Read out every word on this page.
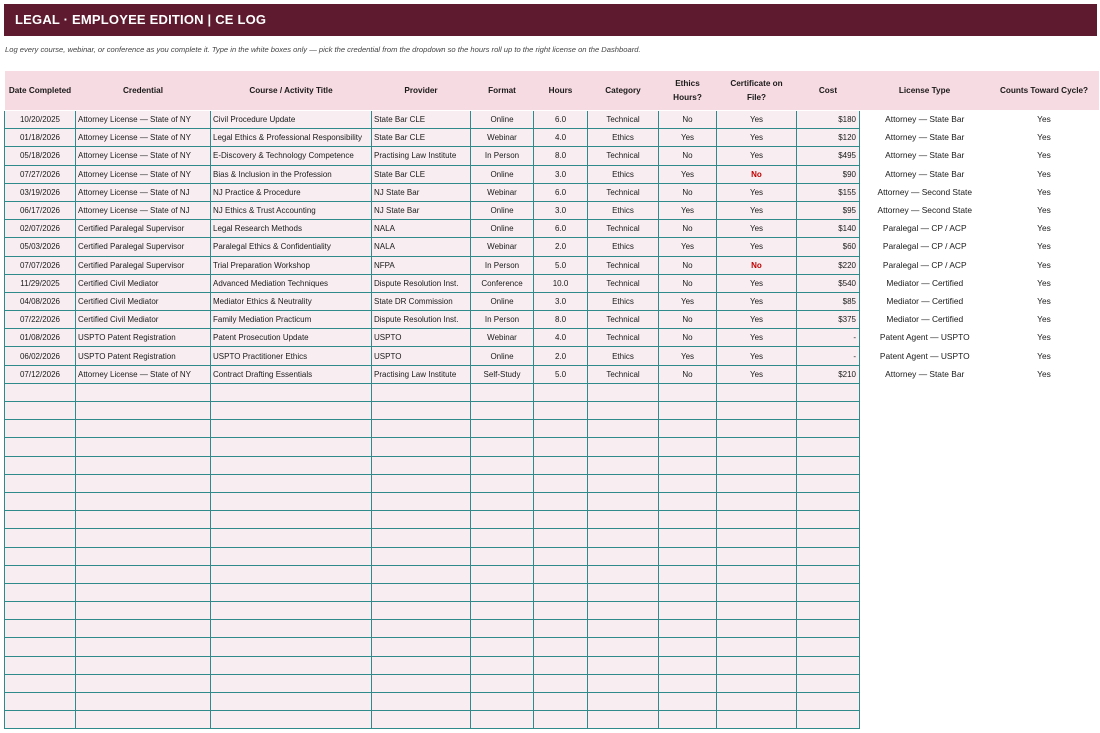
LEGAL · EMPLOYEE EDITION | CE LOG
Log every course, webinar, or conference as you complete it. Type in the white boxes only — pick the credential from the dropdown so the hours roll up to the right license on the Dashboard.
Date Completed	Credential	Course / Activity Title	Provider	Format	Hours	Category	Ethics Hours?	Certificate on File?	Cost	License Type	Counts Toward Cycle?

10/20/2025	Attorney License — State of NY	Civil Procedure Update	State Bar CLE	Online	6.0	Technical	No	Yes	$180	Attorney — State Bar	Yes
01/18/2026	Attorney License — State of NY	Legal Ethics & Professional Responsibility	State Bar CLE	Webinar	4.0	Ethics	Yes	Yes	$120	Attorney — State Bar	Yes
05/18/2026	Attorney License — State of NY	E-Discovery & Technology Competence	Practising Law Institute	In Person	8.0	Technical	No	Yes	$495	Attorney — State Bar	Yes
07/27/2026	Attorney License — State of NY	Bias & Inclusion in the Profession	State Bar CLE	Online	3.0	Ethics	Yes	No	$90	Attorney — State Bar	Yes
03/19/2026	Attorney License — State of NJ	NJ Practice & Procedure	NJ State Bar	Webinar	6.0	Technical	No	Yes	$155	Attorney — Second State	Yes
06/17/2026	Attorney License — State of NJ	NJ Ethics & Trust Accounting	NJ State Bar	Online	3.0	Ethics	Yes	Yes	$95	Attorney — Second State	Yes
02/07/2026	Certified Paralegal Supervisor	Legal Research Methods	NALA	Online	6.0	Technical	No	Yes	$140	Paralegal — CP / ACP	Yes
05/03/2026	Certified Paralegal Supervisor	Paralegal Ethics & Confidentiality	NALA	Webinar	2.0	Ethics	Yes	Yes	$60	Paralegal — CP / ACP	Yes
07/07/2026	Certified Paralegal Supervisor	Trial Preparation Workshop	NFPA	In Person	5.0	Technical	No	No	$220	Paralegal — CP / ACP	Yes
11/29/2025	Certified Civil Mediator	Advanced Mediation Techniques	Dispute Resolution Inst.	Conference	10.0	Technical	No	Yes	$540	Mediator — Certified	Yes
04/08/2026	Certified Civil Mediator	Mediator Ethics & Neutrality	State DR Commission	Online	3.0	Ethics	Yes	Yes	$85	Mediator — Certified	Yes
07/22/2026	Certified Civil Mediator	Family Mediation Practicum	Dispute Resolution Inst.	In Person	8.0	Technical	No	Yes	$375	Mediator — Certified	Yes
01/08/2026	USPTO Patent Registration	Patent Prosecution Update	USPTO	Webinar	4.0	Technical	No	Yes	-	Patent Agent — USPTO	Yes
06/02/2026	USPTO Patent Registration	USPTO Practitioner Ethics	USPTO	Online	2.0	Ethics	Yes	Yes	-	Patent Agent — USPTO	Yes
07/12/2026	Attorney License — State of NY	Contract Drafting Essentials	Practising Law Institute	Self-Study	5.0	Technical	No	Yes	$210	Attorney — State Bar	Yes
